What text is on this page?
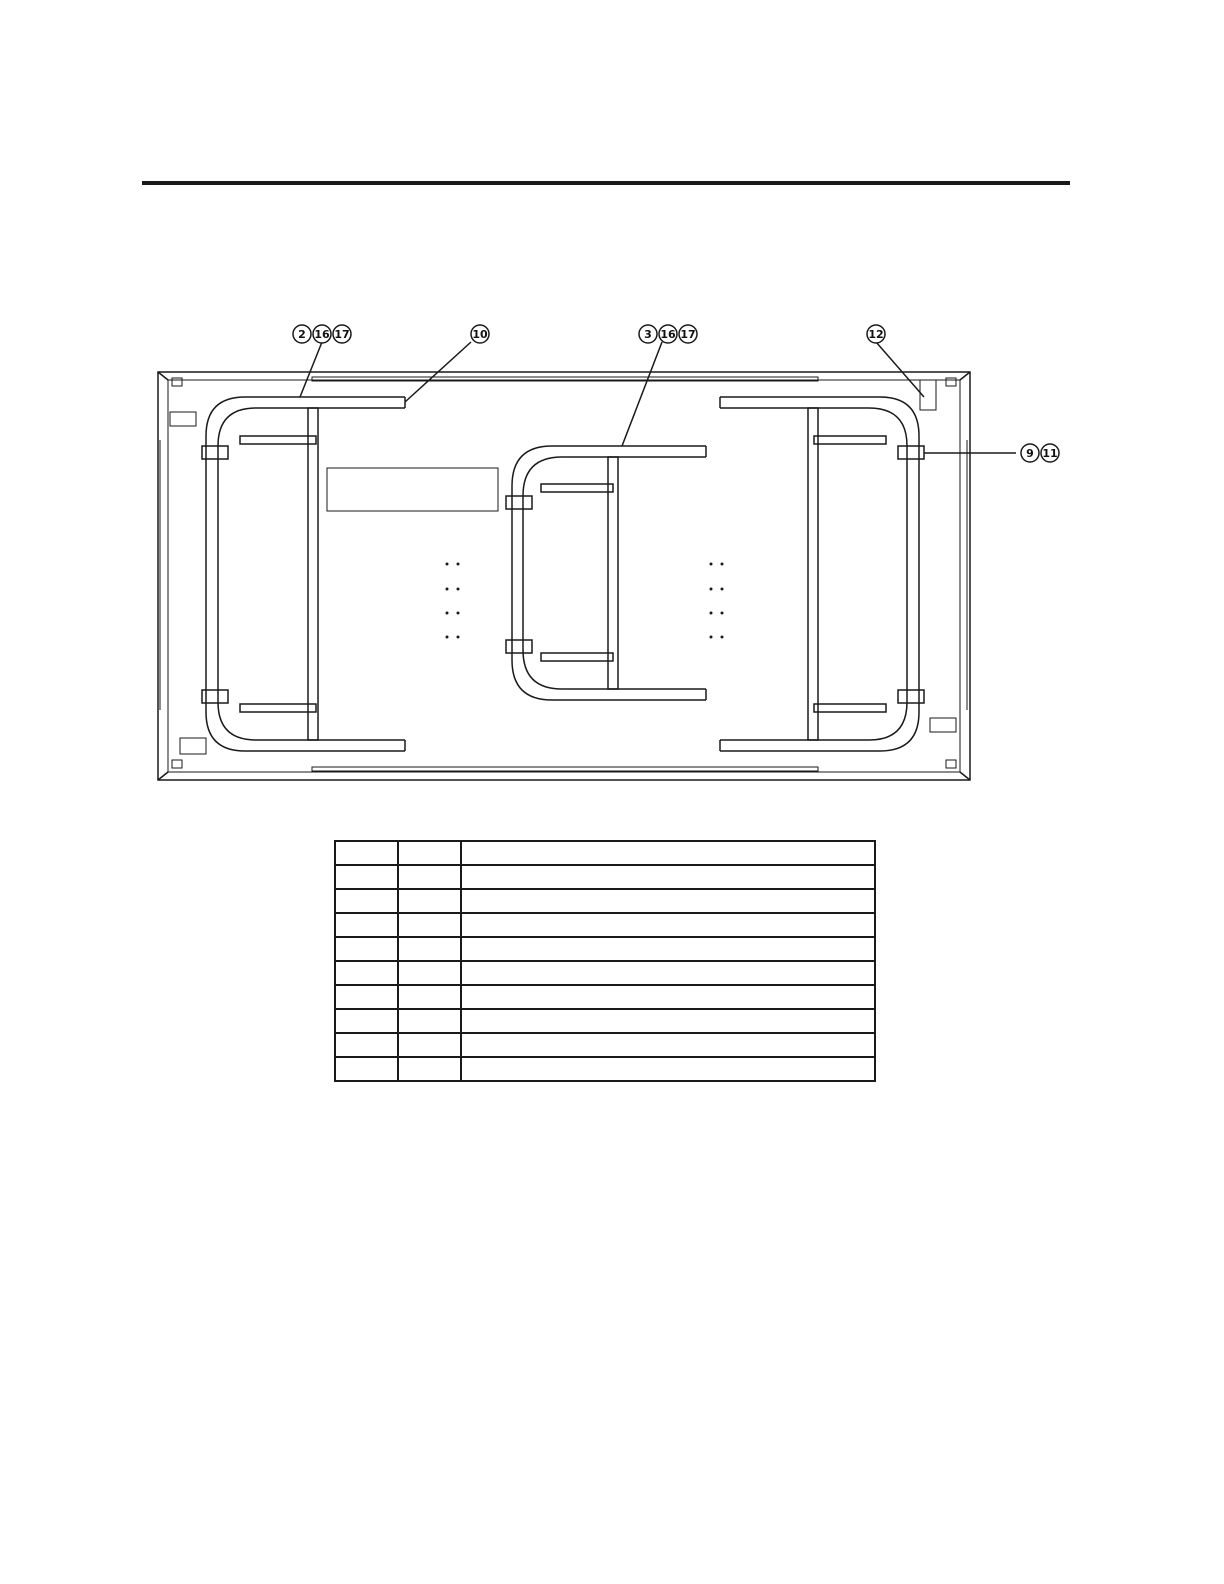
2 16 17	10	3 16 17	12
9 11
